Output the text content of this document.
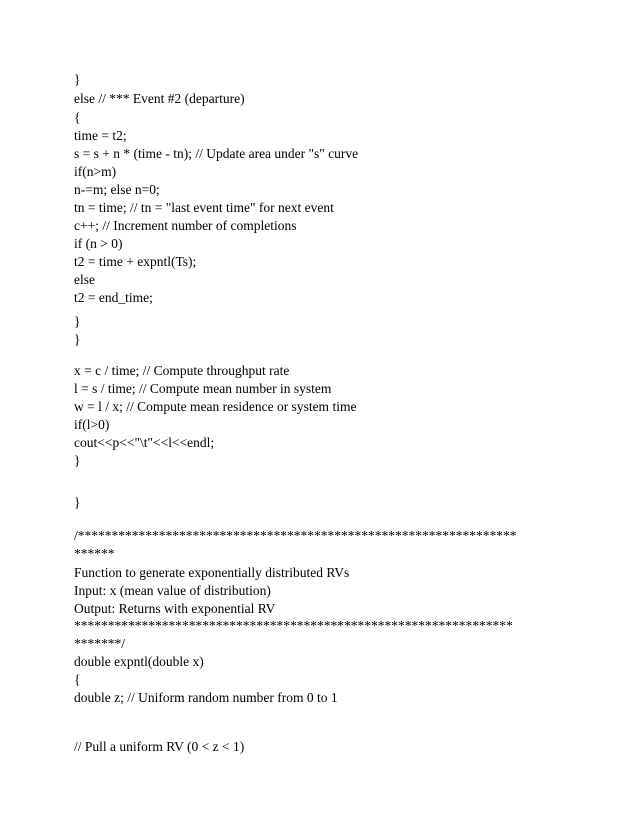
}
else // *** Event #2 (departure)
{
time = t2;
s = s + n * (time - tn); // Update area under "s" curve
if(n>m)
n-=m; else n=0;
tn = time; // tn = "last event time" for next event
c++; // Increment number of completions
if (n > 0)
t2 = time + expntl(Ts);
else
t2 = end_time;
}
}
x = c / time; // Compute throughput rate
l = s / time; // Compute mean number in system
w = l / x; // Compute mean residence or system time
if(l>0)
cout<<p<<"\t"<<l<<endl;
}
}
/*****************************************************************
******
Function to generate exponentially distributed RVs
Input: x (mean value of distribution)
Output: Returns with exponential RV
*****************************************************************
*******/
double expntl(double x)
{
double z; // Uniform random number from 0 to 1
// Pull a uniform RV (0 < z < 1)
